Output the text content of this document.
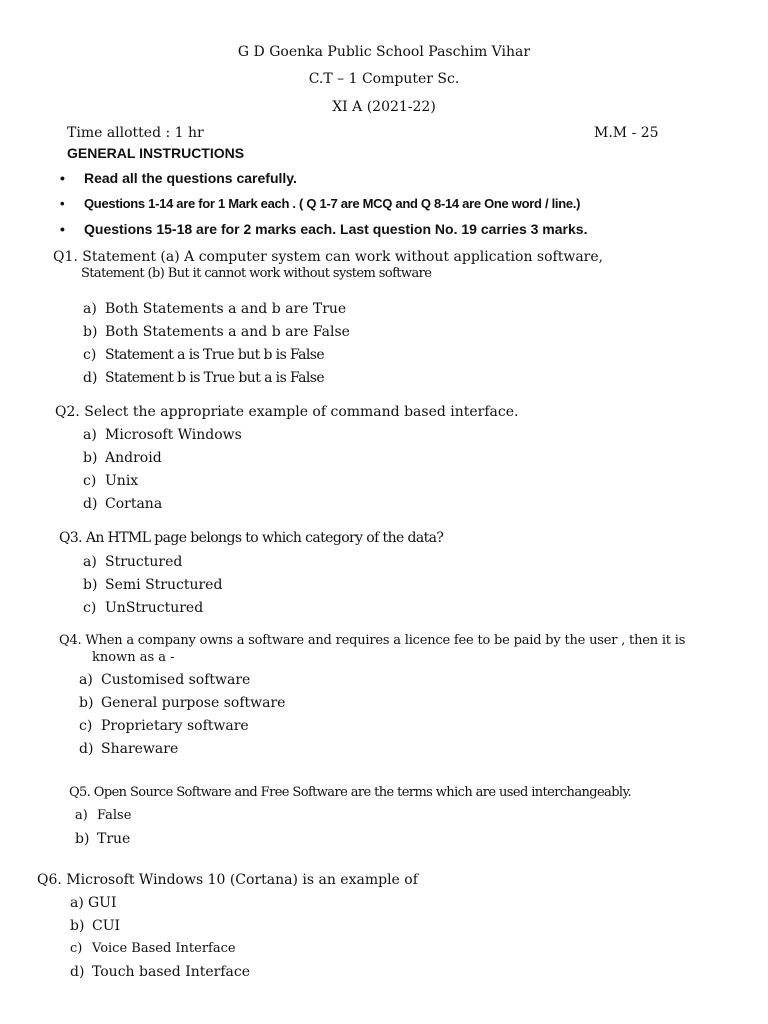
G D Goenka Public School Paschim Vihar
C.T – 1 Computer Sc.
XI A (2021-22)
Time allotted : 1 hr	M.M - 25
GENERAL INSTRUCTIONS
• Read all the questions carefully.
• Questions 1-14 are for 1 Mark each . ( Q 1-7 are MCQ and Q 8-14 are One word / line.)
• Questions 15-18 are for 2 marks each. Last question No. 19 carries 3 marks.
Q1. Statement (a) A computer system can work without application software,
Statement (b) But it cannot work without system software
a) Both Statements a and b are True
b) Both Statements a and b are False
c) Statement a is True but b is False
d) Statement b is True but a is False
Q2. Select the appropriate example of command based interface.
a) Microsoft Windows
b) Android
c) Unix
d) Cortana
Q3. An HTML page belongs to which category of the data?
a) Structured
b) Semi Structured
c) UnStructured
Q4. When a company owns a software and requires a licence fee to be paid by the user , then it is
known as a -
a) Customised software
b) General purpose software
c) Proprietary software
d) Shareware
Q5. Open Source Software and Free Software are the terms which are used interchangeably.
a) False
b) True
Q6. Microsoft Windows 10 (Cortana) is an example of
a) GUI
b) CUI
c) Voice Based Interface
d) Touch based Interface
